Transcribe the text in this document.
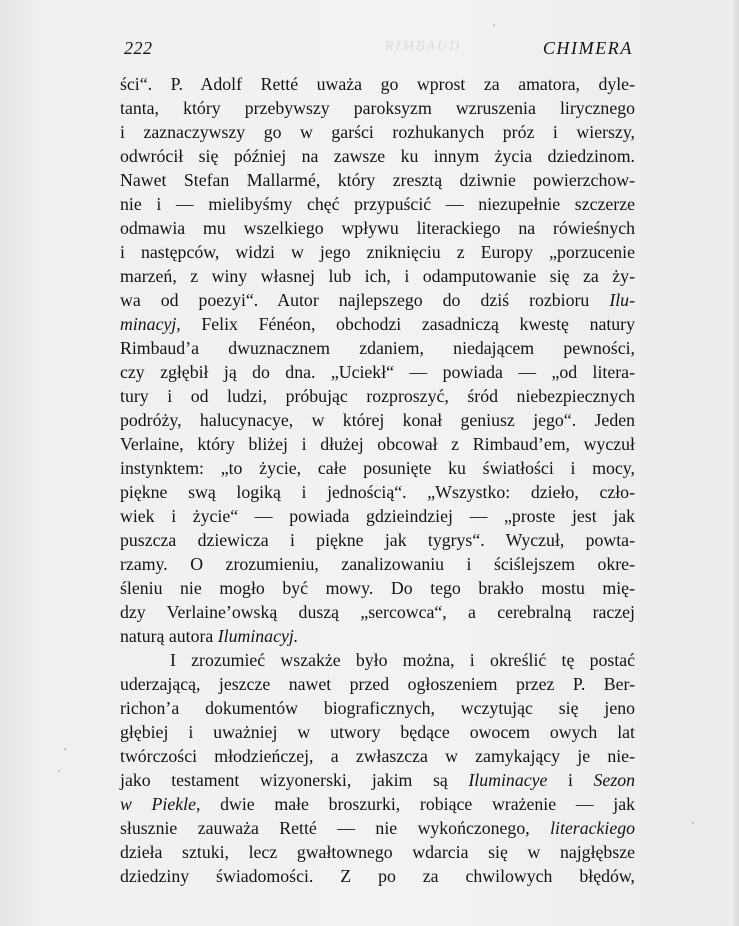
RIMBAUD
222	CHIMERA
ści“. P. Adolf Retté uważa go wprost za amatora, dyle-
tanta, który przebywszy paroksyzm wzruszenia lirycznego
i zaznaczywszy go w garści rozhukanych próz i wierszy,
odwrócił się później na zawsze ku innym życia dziedzinom.
Nawet Stefan Mallarmé, który zresztą dziwnie powierzchow-
nie i — mielibyśmy chęć przypuścić — niezupełnie szczerze
odmawia mu wszelkiego wpływu literackiego na rówieśnych
i następców, widzi w jego zniknięciu z Europy „porzucenie
marzeń, z winy własnej lub ich, i odamputowanie się za ży-
wa od poezyi“. Autor najlepszego do dziś rozbioru Ilu-
minacyj, Felix Fénéon, obchodzi zasadniczą kwestę natury
Rimbaud’a dwuznacznem zdaniem, niedającem pewności,
czy zgłębił ją do dna. „Uciekł“ — powiada — „od litera-
tury i od ludzi, próbując rozproszyć, śród niebezpiecznych
podróży, halucynacye, w której konał geniusz jego“. Jeden
Verlaine, który bliżej i dłużej obcował z Rimbaud’em, wyczuł
instynktem: „to życie, całe posunięte ku światłości i mocy,
piękne swą logiką i jednością“. „Wszystko: dzieło, czło-
wiek i życie“ — powiada gdzieindziej — „proste jest jak
puszcza dziewicza i piękne jak tygrys“. Wyczuł, powta-
rzamy. O zrozumieniu, zanalizowaniu i ściślejszem okre-
śleniu nie mogło być mowy. Do tego brakło mostu mię-
dzy Verlaine’owską duszą „sercowca“, a cerebralną raczej
naturą autora Iluminacyj.
I zrozumieć wszakże było można, i określić tę postać
uderzającą, jeszcze nawet przed ogłoszeniem przez P. Ber-
richon’a dokumentów biograficznych, wczytując się jeno
głębiej i uważniej w utwory będące owocem owych lat
twórczości młodzieńczej, a zwłaszcza w zamykający je nie-
jako testament wizyonerski, jakim są Iluminacye i Sezon
w Piekle, dwie małe broszurki, robiące wrażenie — jak
słusznie zauważa Retté — nie wykończonego, literackiego
dzieła sztuki, lecz gwałtownego wdarcia się w najgłębsze
dziedziny świadomości. Z po za chwilowych błędów,
